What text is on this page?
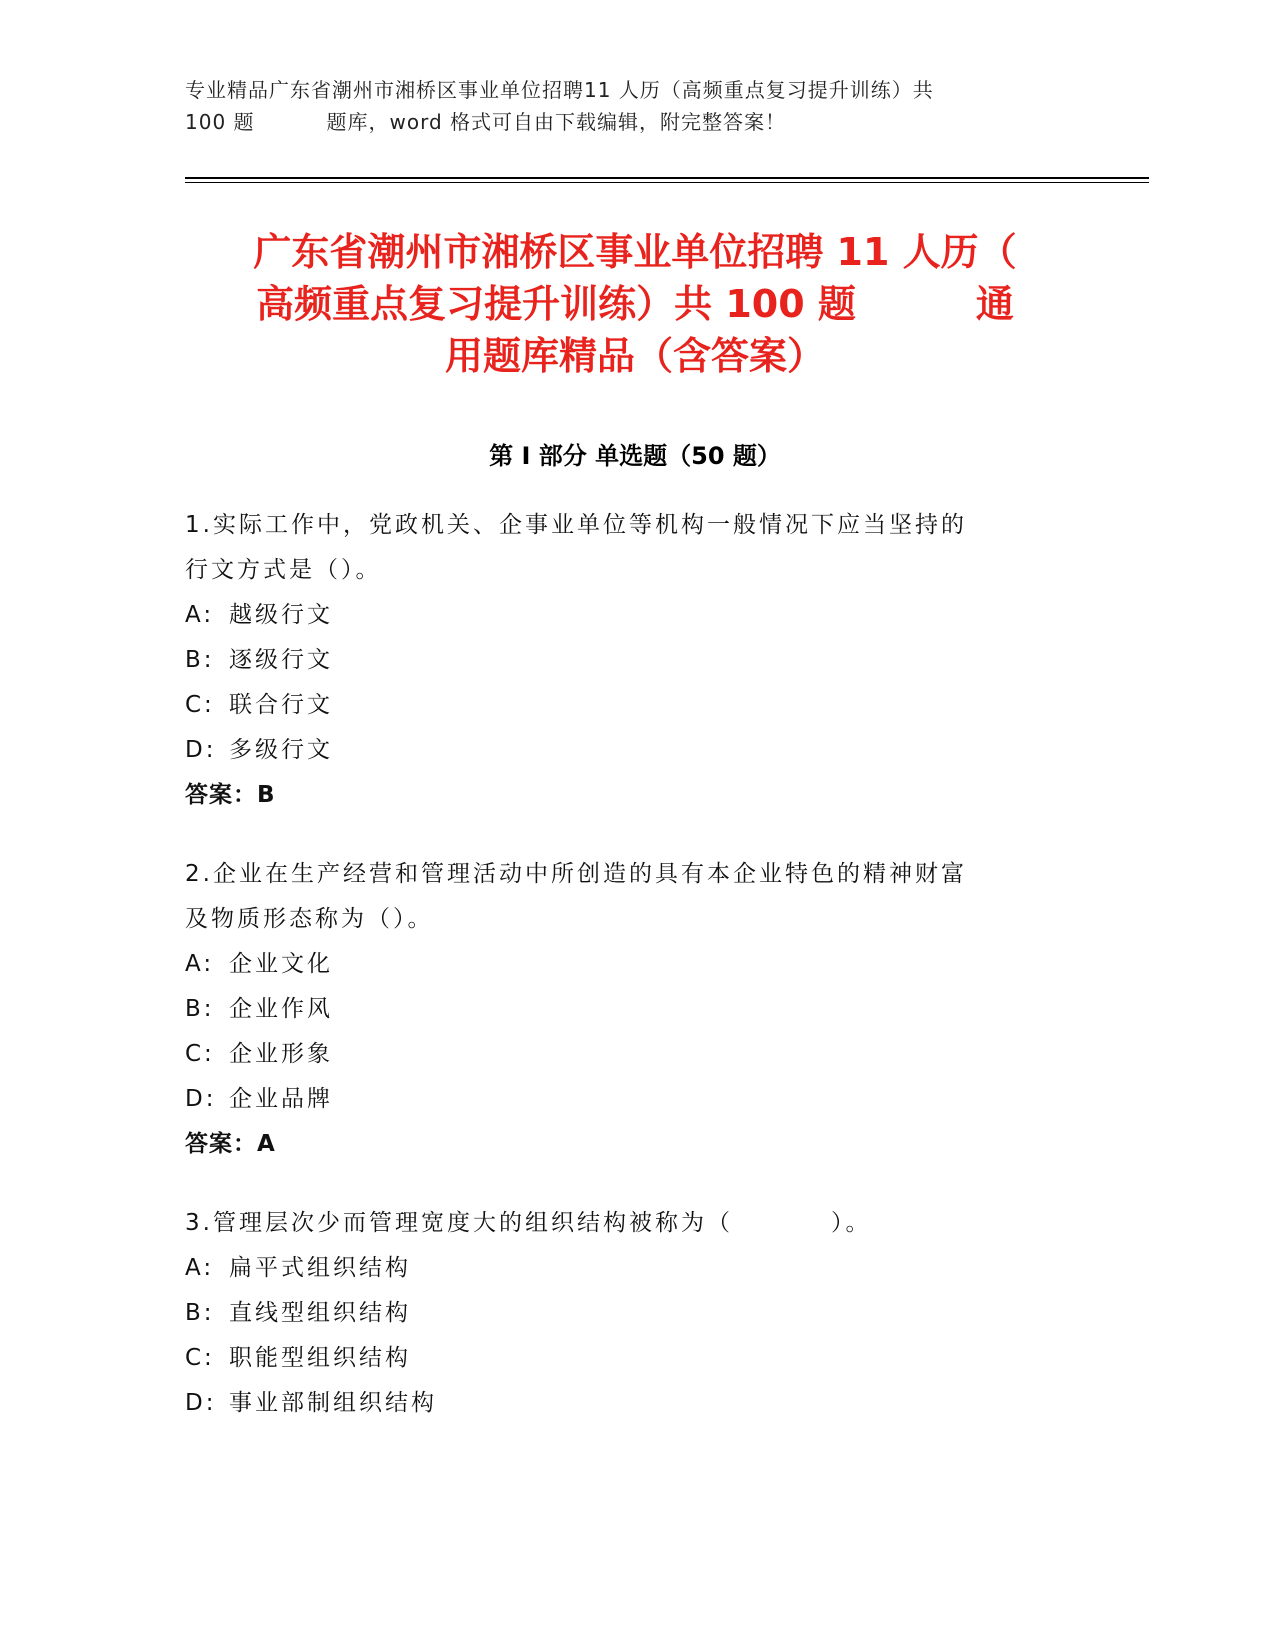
专业精品广东省潮州市湘桥区事业单位招聘11 人历（高频重点复习提升训练）共
100 题	题库，word 格式可自由下载编辑，附完整答案！
广东省潮州市湘桥区事业单位招聘 11 人历（
高频重点复习提升训练）共 100 题	通
用题库精品（含答案）
第 I 部分 单选题（50 题）
1.实际工作中，党政机关、企事业单位等机构一般情况下应当坚持的
行文方式是（）。
A: 越级行文
B: 逐级行文
C: 联合行文
D: 多级行文
答案：B
2.企业在生产经营和管理活动中所创造的具有本企业特色的精神财富
及物质形态称为（）。
A: 企业文化
B: 企业作风
C: 企业形象
D: 企业品牌
答案：A
3.管理层次少而管理宽度大的组织结构被称为（	）。
A: 扁平式组织结构
B: 直线型组织结构
C: 职能型组织结构
D: 事业部制组织结构
